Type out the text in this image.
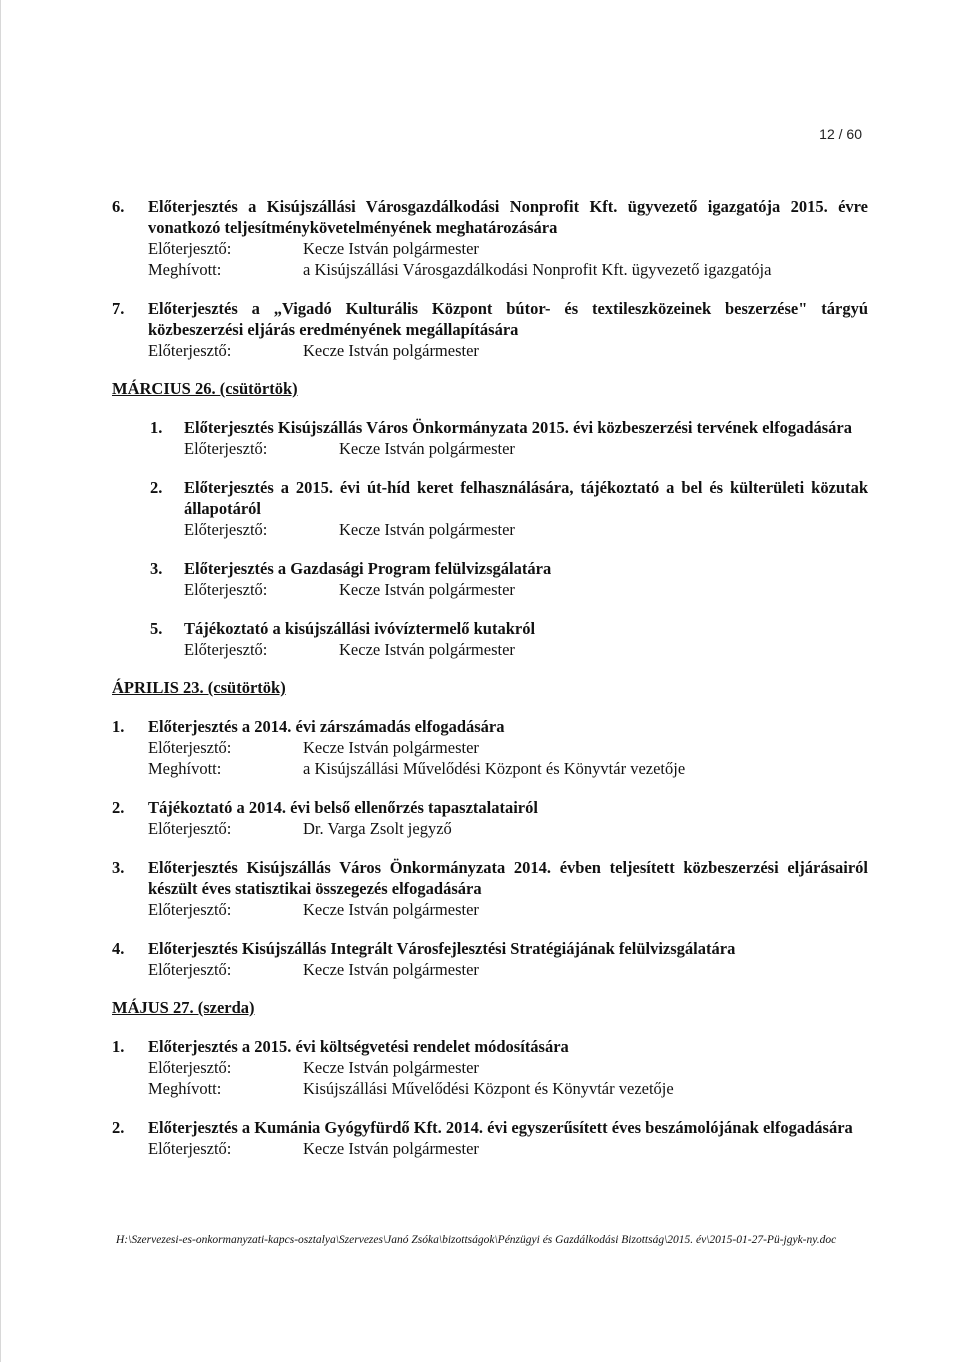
12 / 60
6. Előterjesztés a Kisújszállási Városgazdálkodási Nonprofit Kft. ügyvezető igazgatója 2015. évre vonatkozó teljesítménykövetelményének meghatározására
Előterjesztő:	Kecze István polgármester
Meghívott:	a Kisújszállási Városgazdálkodási Nonprofit Kft. ügyvezető igazgatója
7. Előterjesztés a „Vigadó Kulturális Központ bútor- és textileszközeinek beszerzése" tárgyú közbeszerzési eljárás eredményének megállapítására
Előterjesztő:	Kecze István polgármester
MÁRCIUS 26. (csütörtök)
1. Előterjesztés Kisújszállás Város Önkormányzata 2015. évi közbeszerzési tervének elfogadására
Előterjesztő:	Kecze István polgármester
2. Előterjesztés a 2015. évi út-híd keret felhasználására, tájékoztató a bel és külterületi közutak állapotáról
Előterjesztő:	Kecze István polgármester
3. Előterjesztés a Gazdasági Program felülvizsgálatára
Előterjesztő:	Kecze István polgármester
5. Tájékoztató a kisújszállási ivóvíztermelő kutakról
Előterjesztő:	Kecze István polgármester
ÁPRILIS 23. (csütörtök)
1. Előterjesztés a 2014. évi zárszámadás elfogadására
Előterjesztő:	Kecze István polgármester
Meghívott:	a Kisújszállási Művelődési Központ és Könyvtár vezetője
2. Tájékoztató a 2014. évi belső ellenőrzés tapasztalatairól
Előterjesztő:	Dr. Varga Zsolt jegyző
3. Előterjesztés Kisújszállás Város Önkormányzata 2014. évben teljesített közbeszerzési eljárásairól készült éves statisztikai összegezés elfogadására
Előterjesztő:	Kecze István polgármester
4. Előterjesztés Kisújszállás Integrált Városfejlesztési Stratégiájának felülvizsgálatára
Előterjesztő:	Kecze István polgármester
MÁJUS 27. (szerda)
1. Előterjesztés a 2015. évi költségvetési rendelet módosítására
Előterjesztő:	Kecze István polgármester
Meghívott:	Kisújszállási Művelődési Központ és Könyvtár vezetője
2. Előterjesztés a Kumánia Gyógyfürdő Kft. 2014. évi egyszerűsített éves beszámolójának elfogadására
Előterjesztő:	Kecze István polgármester
H:\Szervezesi-es-onkormanyzati-kapcs-osztalya\Szervezes\Janó Zsóka\bizottságok\Pénzügyi és Gazdálkodási Bizottság\2015. év\2015-01-27-Pü-jgyk-ny.doc
